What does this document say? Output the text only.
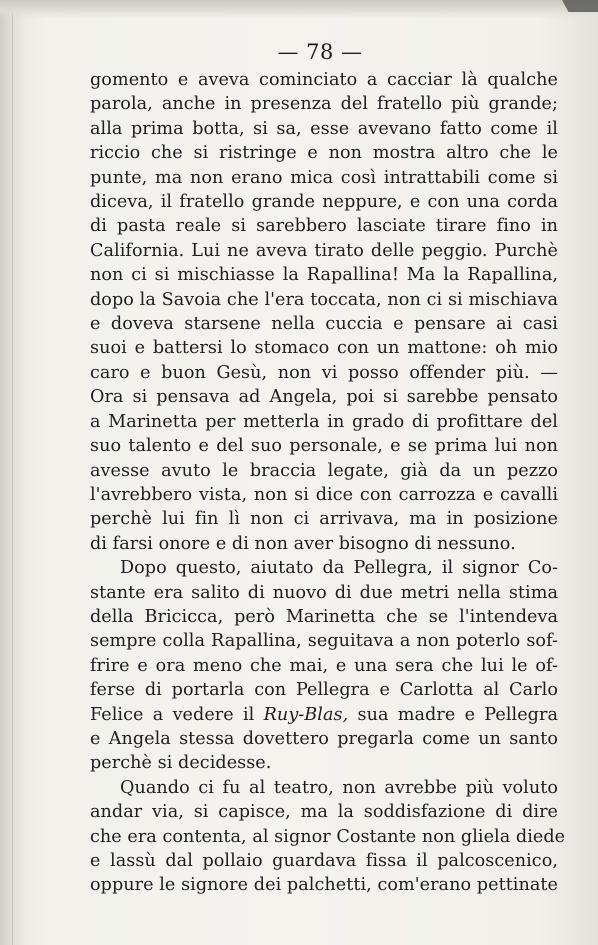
— 78 —
gomento e aveva cominciato a cacciar là qualche
parola, anche in presenza del fratello più grande;
alla prima botta, si sa, esse avevano fatto come il
riccio che si ristringe e non mostra altro che le
punte, ma non erano mica così intrattabili come si
diceva, il fratello grande neppure, e con una corda
di pasta reale si sarebbero lasciate tirare fino in
California. Lui ne aveva tirato delle peggio. Purchè
non ci si mischiasse la Rapallina! Ma la Rapallina,
dopo la Savoia che l'era toccata, non ci si mischiava
e doveva starsene nella cuccia e pensare ai casi
suoi e battersi lo stomaco con un mattone: oh mio
caro e buon Gesù, non vi posso offender più. —
Ora si pensava ad Angela, poi si sarebbe pensato
a Marinetta per metterla in grado di profittare del
suo talento e del suo personale, e se prima lui non
avesse avuto le braccia legate, già da un pezzo
l'avrebbero vista, non si dice con carrozza e cavalli
perchè lui fin lì non ci arrivava, ma in posizione
di farsi onore e di non aver bisogno di nessuno.
Dopo questo, aiutato da Pellegra, il signor Co-
stante era salito di nuovo di due metri nella stima
della Bricicca, però Marinetta che se l'intendeva
sempre colla Rapallina, seguitava a non poterlo sof-
frire e ora meno che mai, e una sera che lui le of-
ferse di portarla con Pellegra e Carlotta al Carlo
Felice a vedere il Ruy-Blas, sua madre e Pellegra
e Angela stessa dovettero pregarla come un santo
perchè si decidesse.
Quando ci fu al teatro, non avrebbe più voluto
andar via, si capisce, ma la soddisfazione di dire
che era contenta, al signor Costante non gliela diede
e lassù dal pollaio guardava fissa il palcoscenico,
oppure le signore dei palchetti, com'erano pettinate
